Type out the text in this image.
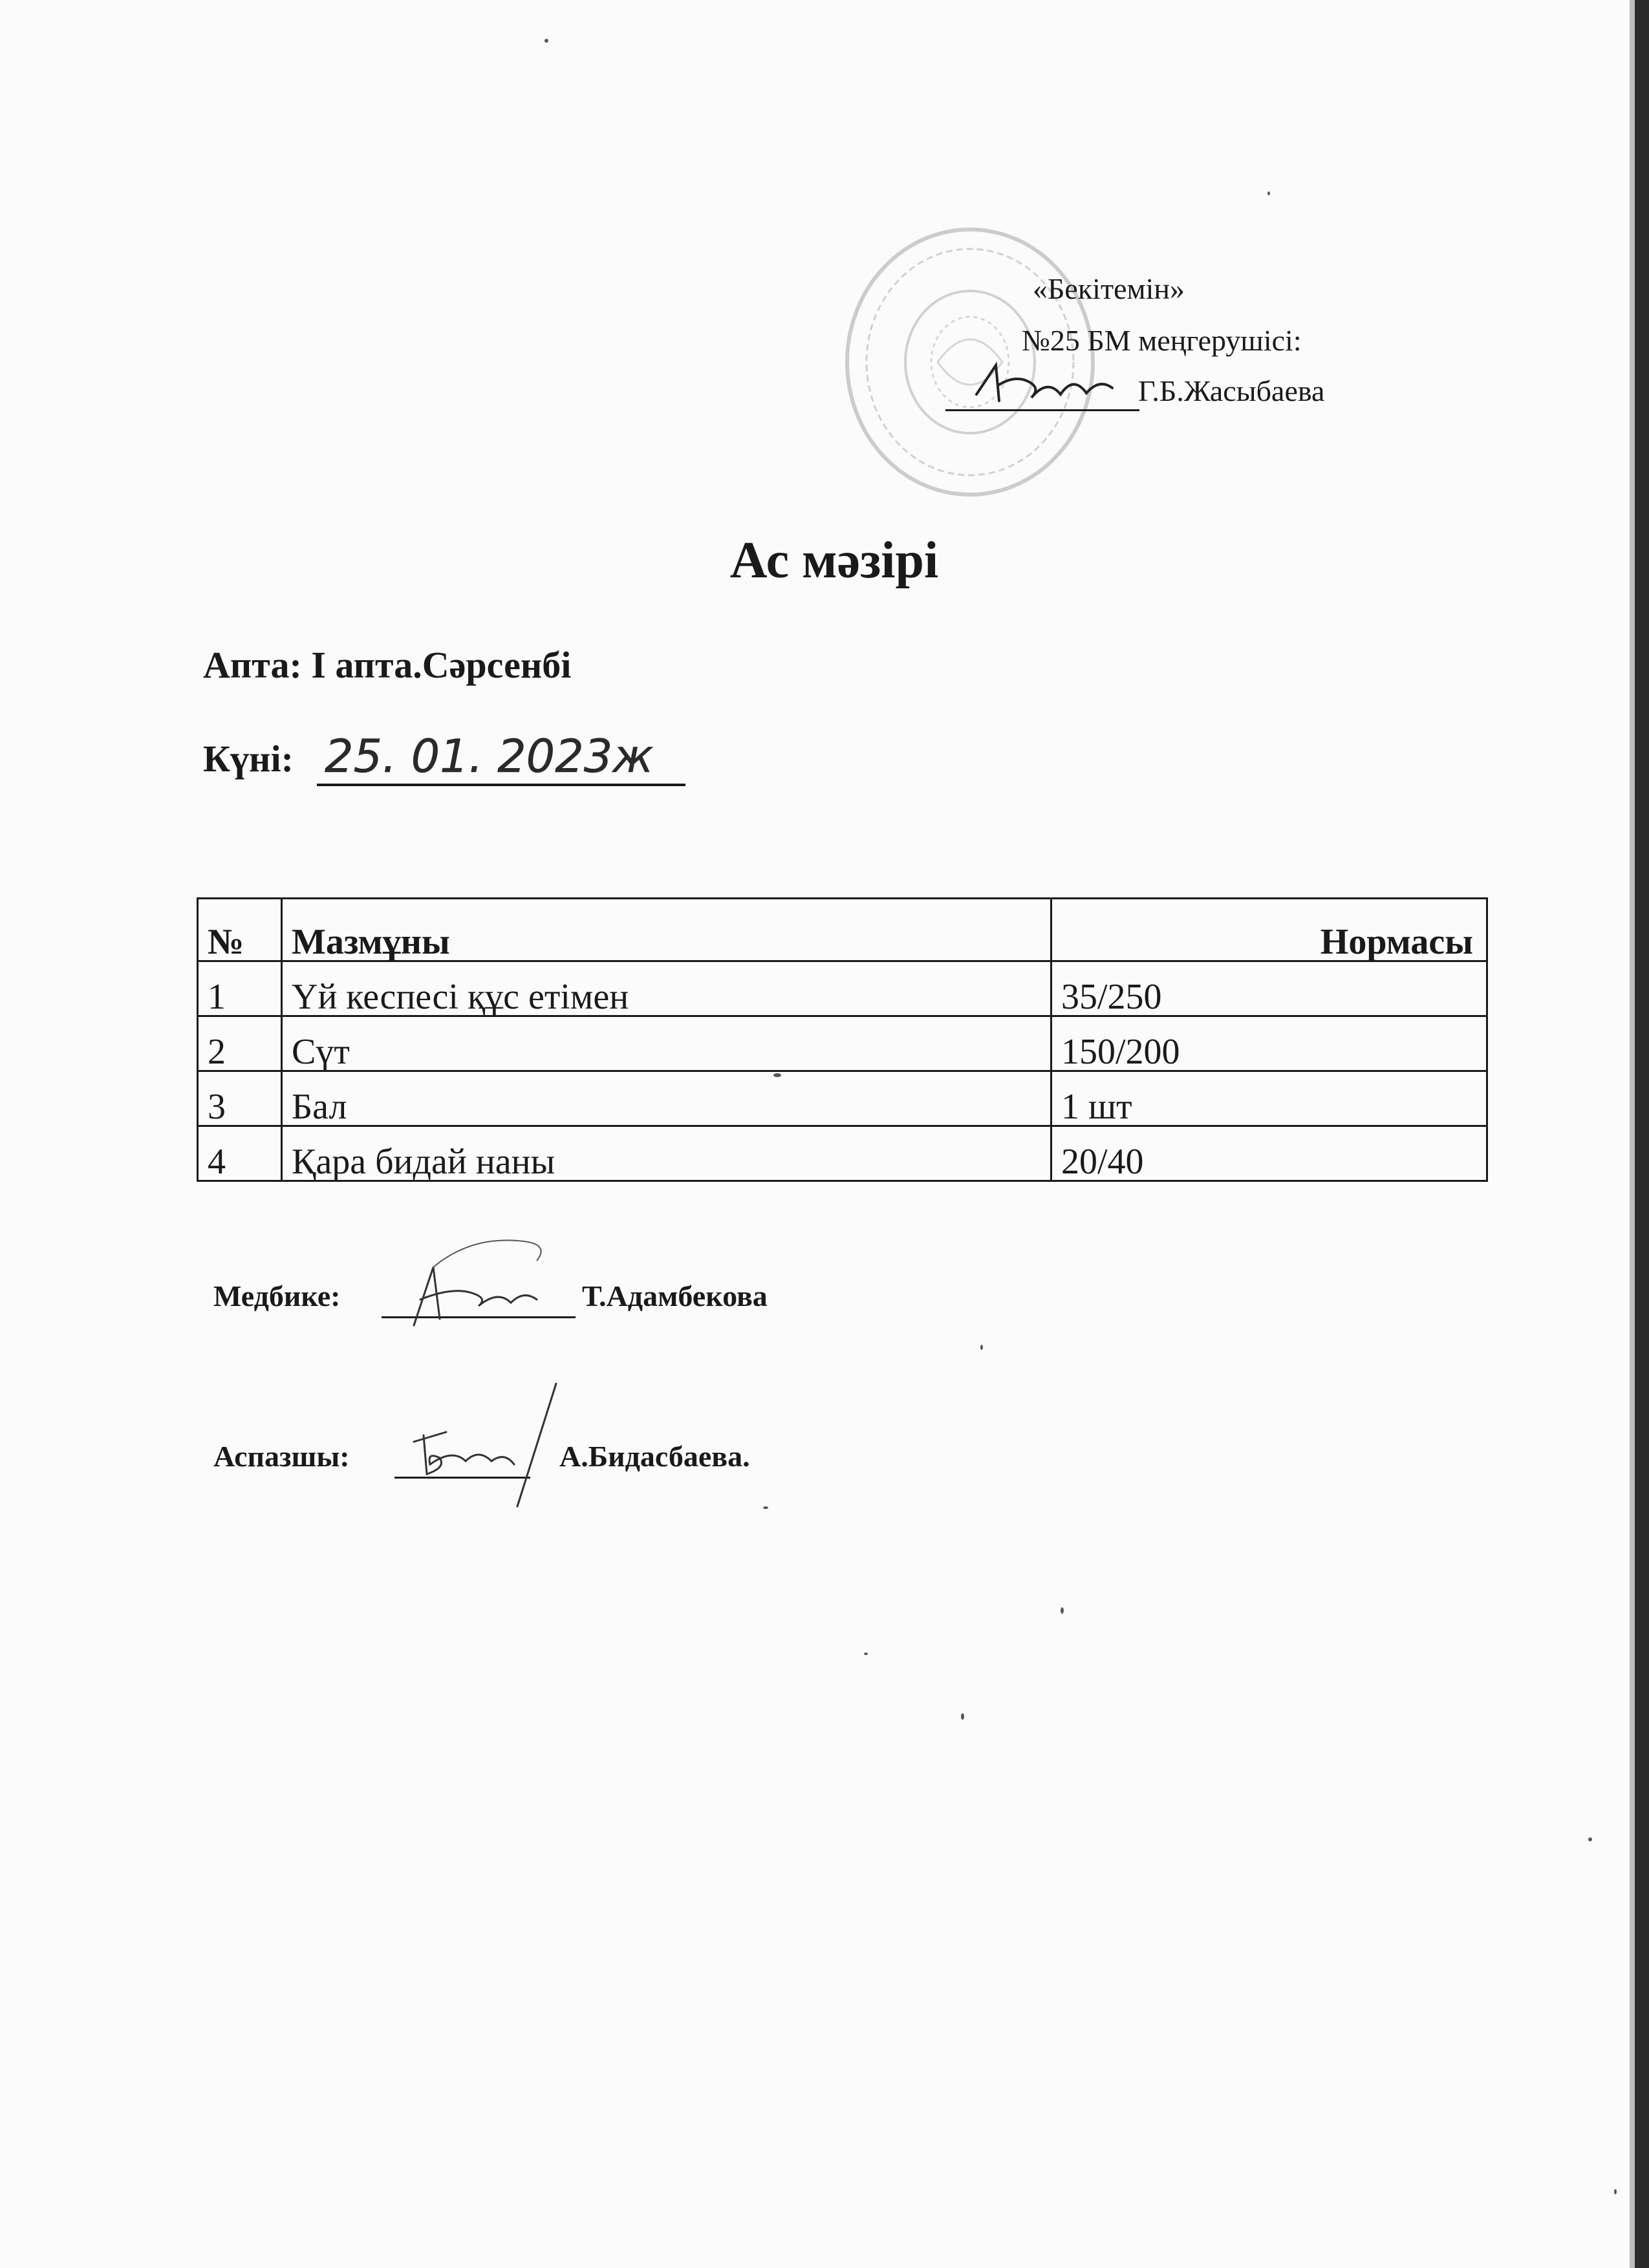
«Бекітемін»
№25 БМ меңгерушісі:
Г.Б.Жасыбаева
Ас мәзірі
Апта: І апта.Сәрсенбі
Күні: 25. 01. 2023ж
№	Мазмұны	Нормасы
1	Үй кеспесі құс етімен	35/250
2	Сүт	150/200
3	Бал	1 шт
4	Қара бидай наны	20/40
Медбике:	Т.Адамбекова
Аспазшы:	А.Бидасбаева.
